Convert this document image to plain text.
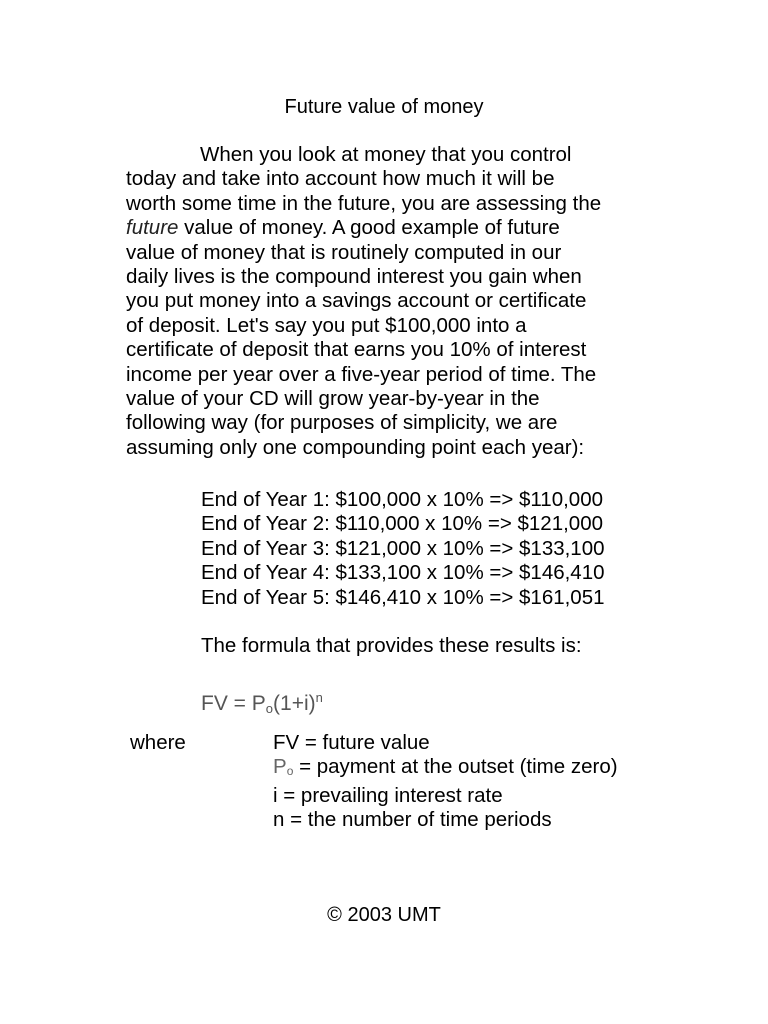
Future value of money
When you look at money that you control
today and take into account how much it will be
worth some time in the future, you are assessing the
future value of money. A good example of future
value of money that is routinely computed in our
daily lives is the compound interest you gain when
you put money into a savings account or certificate
of deposit. Let's say you put $100,000 into a
certificate of deposit that earns you 10% of interest
income per year over a five-year period of time. The
value of your CD will grow year-by-year in the
following way (for purposes of simplicity, we are
assuming only one compounding point each year):
End of Year 1: $100,000 x 10% => $110,000
End of Year 2: $110,000 x 10% => $121,000
End of Year 3: $121,000 x 10% => $133,100
End of Year 4: $133,100 x 10% => $146,410
End of Year 5: $146,410 x 10% => $161,051
The formula that provides these results is:
FV = $P_o(1+i)^n$
where	FV = future value
$P_o$ = payment at the outset (time zero)
i = prevailing interest rate
n = the number of time periods
© 2003 UMT
